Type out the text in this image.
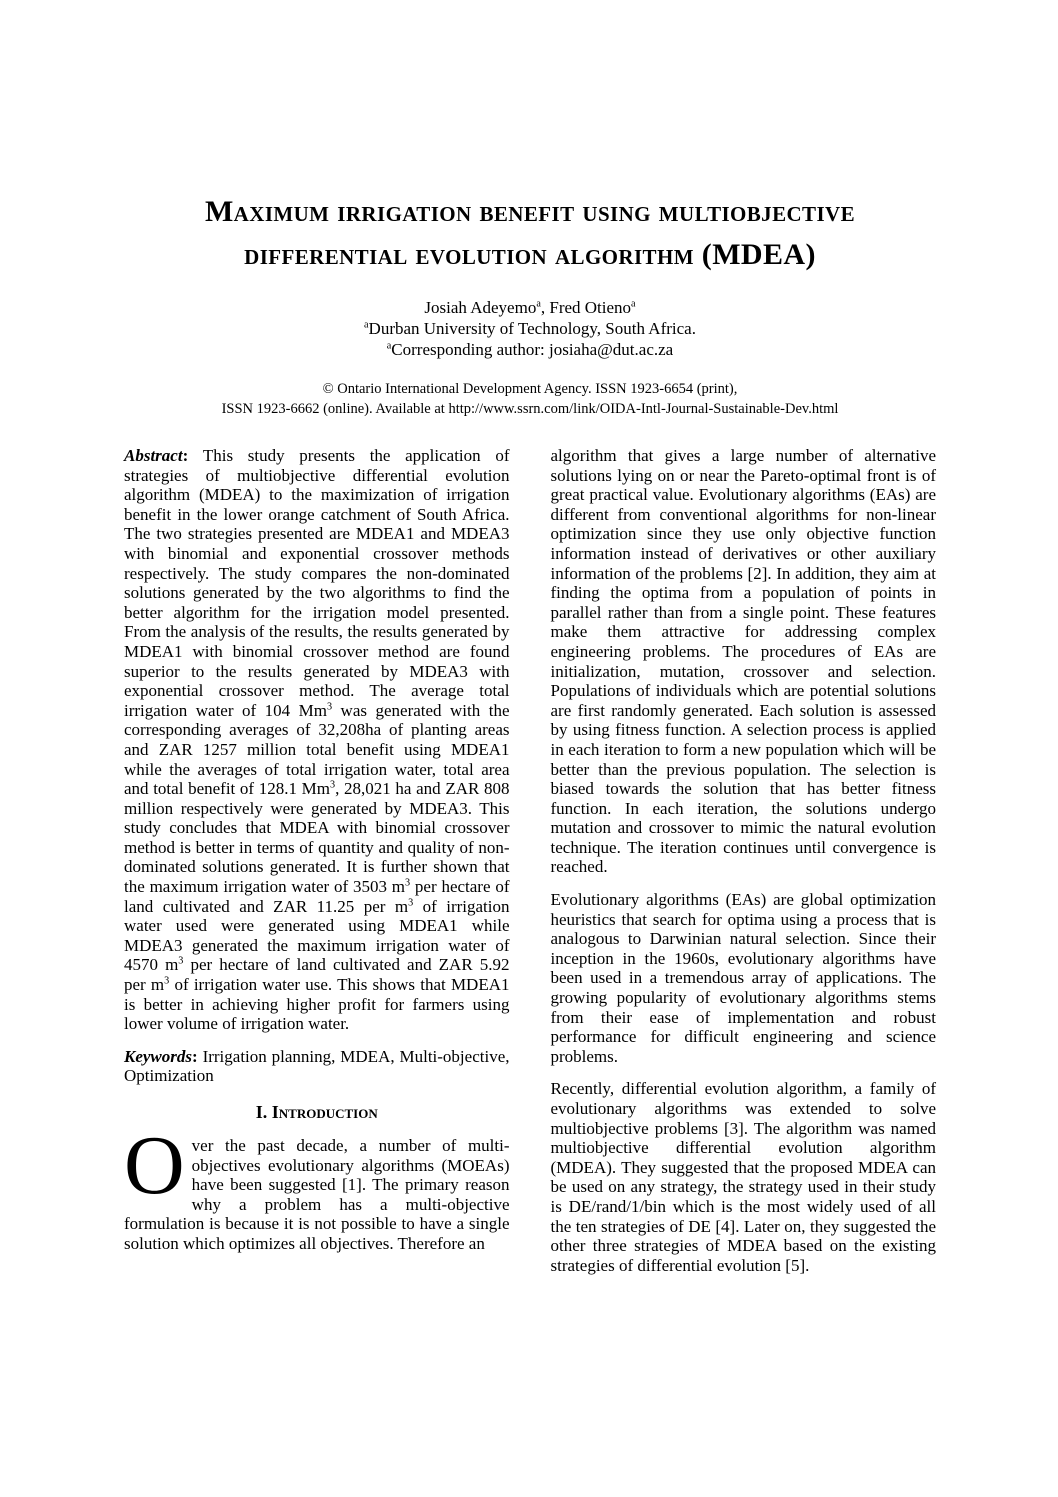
Maximum irrigation benefit using multiobjective differential evolution algorithm (MDEA)
Josiah Adeyemo$^a$, Fred Otieno$^a$
$^a$Durban University of Technology, South Africa.
$^a$Corresponding author: josiaha@dut.ac.za
© Ontario International Development Agency. ISSN 1923-6654 (print),
ISSN 1923-6662 (online). Available at http://www.ssrn.com/link/OIDA-Intl-Journal-Sustainable-Dev.html

Abstract: This study presents the application of strategies of multiobjective differential evolution algorithm (MDEA) to the maximization of irrigation benefit in the lower orange catchment of South Africa. The two strategies presented are MDEA1 and MDEA3 with binomial and exponential crossover methods respectively. The study compares the non-dominated solutions generated by the two algorithms to find the better algorithm for the irrigation model presented. From the analysis of the results, the results generated by MDEA1 with binomial crossover method are found superior to the results generated by MDEA3 with exponential crossover method. The average total irrigation water of 104 Mm$^3$ was generated with the corresponding averages of 32,208ha of planting areas and ZAR 1257 million total benefit using MDEA1 while the averages of total irrigation water, total area and total benefit of 128.1 Mm$^3$, 28,021 ha and ZAR 808 million respectively were generated by MDEA3. This study concludes that MDEA with binomial crossover method is better in terms of quantity and quality of non-dominated solutions generated. It is further shown that the maximum irrigation water of 3503 $m^3$ per hectare of land cultivated and ZAR 11.25 per $m^3$ of irrigation water used were generated using MDEA1 while MDEA3 generated the maximum irrigation water of 4570 $m^3$ per hectare of land cultivated and ZAR 5.92 per $m^3$ of irrigation water use. This shows that MDEA1 is better in achieving higher profit for farmers using lower volume of irrigation water.

Keywords: Irrigation planning, MDEA, Multi-objective, Optimization

I. Introduction

Over the past decade, a number of multi-objectives evolutionary algorithms (MOEAs) have been suggested [1]. The primary reason why a problem has a multi-objective formulation is because it is not possible to have a single solution which optimizes all objectives. Therefore an

algorithm that gives a large number of alternative solutions lying on or near the Pareto-optimal front is of great practical value. Evolutionary algorithms (EAs) are different from conventional algorithms for non-linear optimization since they use only objective function information instead of derivatives or other auxiliary information of the problems [2]. In addition, they aim at finding the optima from a population of points in parallel rather than from a single point. These features make them attractive for addressing complex engineering problems. The procedures of EAs are initialization, mutation, crossover and selection. Populations of individuals which are potential solutions are first randomly generated. Each solution is assessed by using fitness function. A selection process is applied in each iteration to form a new population which will be better than the previous population. The selection is biased towards the solution that has better fitness function. In each iteration, the solutions undergo mutation and crossover to mimic the natural evolution technique. The iteration continues until convergence is reached.

Evolutionary algorithms (EAs) are global optimization heuristics that search for optima using a process that is analogous to Darwinian natural selection. Since their inception in the 1960s, evolutionary algorithms have been used in a tremendous array of applications. The growing popularity of evolutionary algorithms stems from their ease of implementation and robust performance for difficult engineering and science problems.

Recently, differential evolution algorithm, a family of evolutionary algorithms was extended to solve multiobjective problems [3]. The algorithm was named multiobjective differential evolution algorithm (MDEA). They suggested that the proposed MDEA can be used on any strategy, the strategy used in their study is DE/rand/1/bin which is the most widely used of all the ten strategies of DE [4]. Later on, they suggested the other three strategies of MDEA based on the existing strategies of differential evolution [5].
